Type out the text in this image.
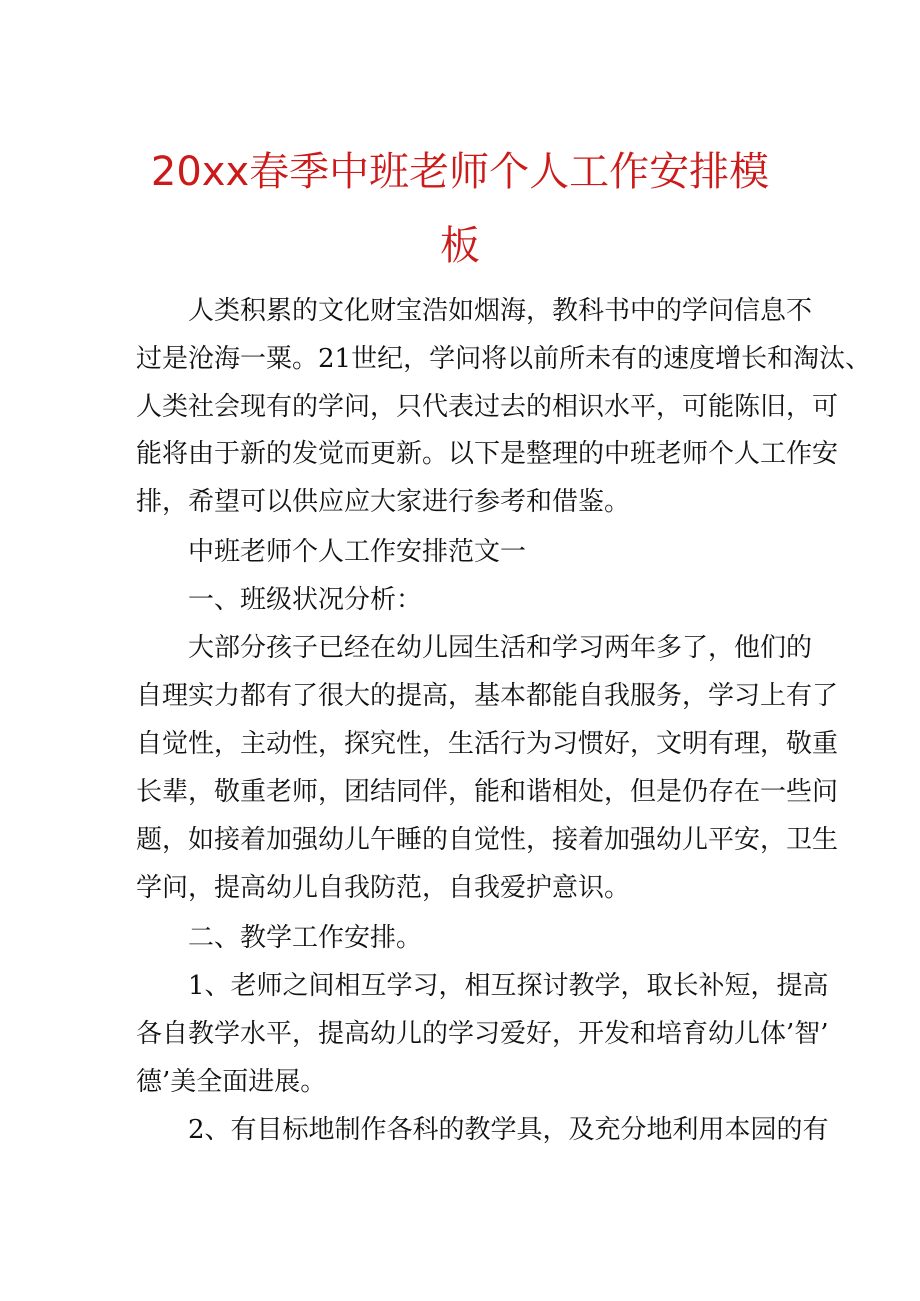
20xx春季中班老师个人工作安排模
板

人类积累的文化财宝浩如烟海，教科书中的学问信息不

过是沧海一粟。21世纪，学问将以前所未有的速度增长和淘汰、

人类社会现有的学问，只代表过去的相识水平，可能陈旧，可

能将由于新的发觉而更新。以下是整理的中班老师个人工作安

排，希望可以供应应大家进行参考和借鉴。

中班老师个人工作安排范文一

一、班级状况分析：

大部分孩子已经在幼儿园生活和学习两年多了，他们的

自理实力都有了很大的提高，基本都能自我服务，学习上有了

自觉性，主动性，探究性，生活行为习惯好，文明有理，敬重

长辈，敬重老师，团结同伴，能和谐相处，但是仍存在一些问

题，如接着加强幼儿午睡的自觉性，接着加强幼儿平安，卫生

学问，提高幼儿自我防范，自我爱护意识。

二、教学工作安排。

1、老师之间相互学习，相互探讨教学，取长补短，提高

各自教学水平，提高幼儿的学习爱好，开发和培育幼儿体’智’

德’美全面进展。

2、有目标地制作各科的教学具，及充分地利用本园的有
